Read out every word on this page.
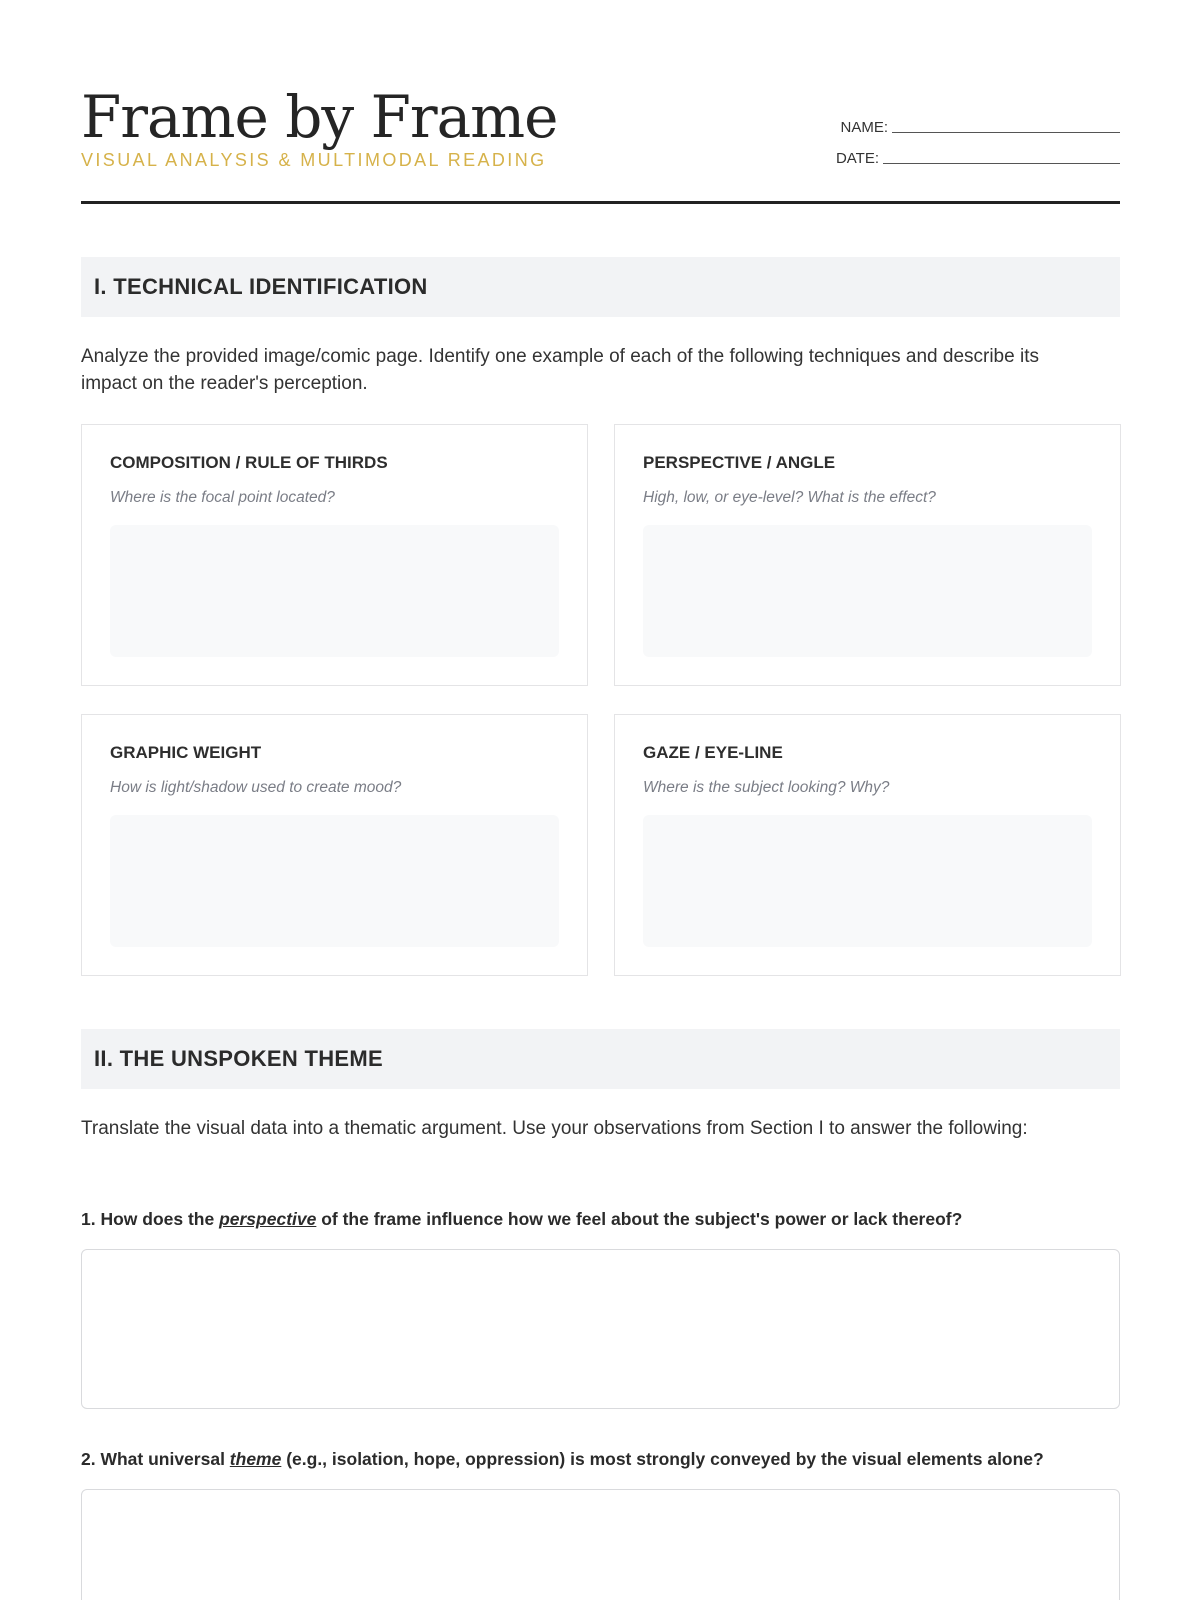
Frame by Frame
VISUAL ANALYSIS & MULTIMODAL READING
NAME:
DATE:
I. TECHNICAL IDENTIFICATION

Analyze the provided image/comic page. Identify one example of each of the following techniques and describe its impact on the reader's perception.

COMPOSITION / RULE OF THIRDS
Where is the focal point located?
PERSPECTIVE / ANGLE
High, low, or eye-level? What is the effect?
GRAPHIC WEIGHT
How is light/shadow used to create mood?
GAZE / EYE-LINE
Where is the subject looking? Why?
II. THE UNSPOKEN THEME

Translate the visual data into a thematic argument. Use your observations from Section I to answer the following:

1. How does the perspective of the frame influence how we feel about the subject's power or lack thereof?
2. What universal theme (e.g., isolation, hope, oppression) is most strongly conveyed by the visual elements alone?
